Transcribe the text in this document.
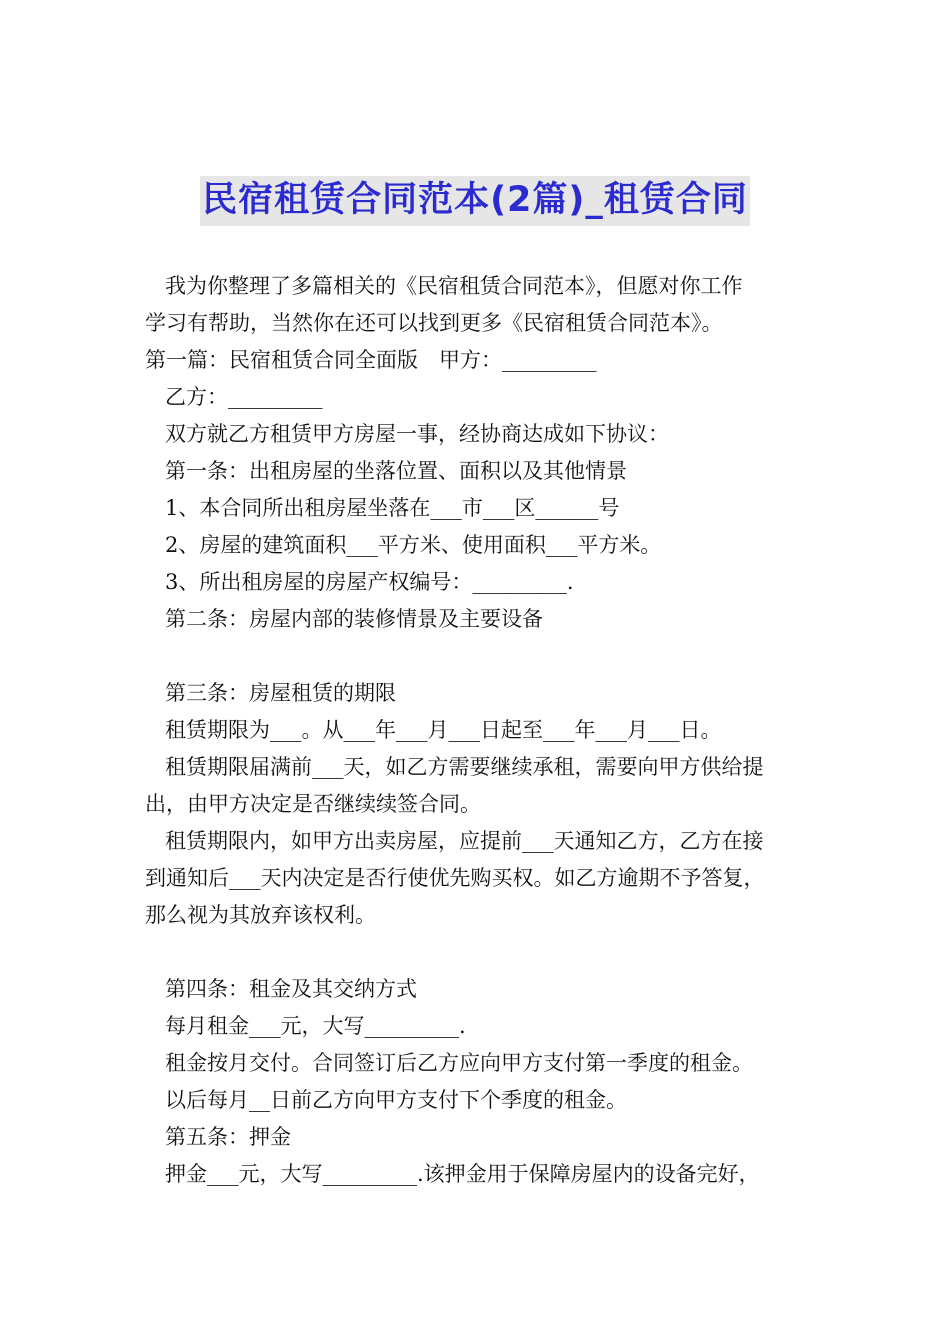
民宿租赁合同范本(2篇)_租赁合同

我为你整理了多篇相关的《民宿租赁合同范本》，但愿对你工作

学习有帮助，当然你在还可以找到更多《民宿租赁合同范本》。

第一篇：民宿租赁合同全面版　甲方：_________

乙方：_________

双方就乙方租赁甲方房屋一事，经协商达成如下协议：

第一条：出租房屋的坐落位置、面积以及其他情景

1、本合同所出租房屋坐落在___市___区______号

2、房屋的建筑面积___平方米、使用面积___平方米。

3、所出租房屋的房屋产权编号：_________.

第二条：房屋内部的装修情景及主要设备

第三条：房屋租赁的期限

租赁期限为___。从___年___月___日起至___年___月___日。

租赁期限届满前___天，如乙方需要继续承租，需要向甲方供给提

出，由甲方决定是否继续续签合同。

租赁期限内，如甲方出卖房屋，应提前___天通知乙方，乙方在接

到通知后___天内决定是否行使优先购买权。如乙方逾期不予答复，

那么视为其放弃该权利。

第四条：租金及其交纳方式

每月租金___元，大写_________.

租金按月交付。合同签订后乙方应向甲方支付第一季度的租金。

以后每月__日前乙方向甲方支付下个季度的租金。

第五条：押金

押金___元，大写_________.该押金用于保障房屋内的设备完好，
